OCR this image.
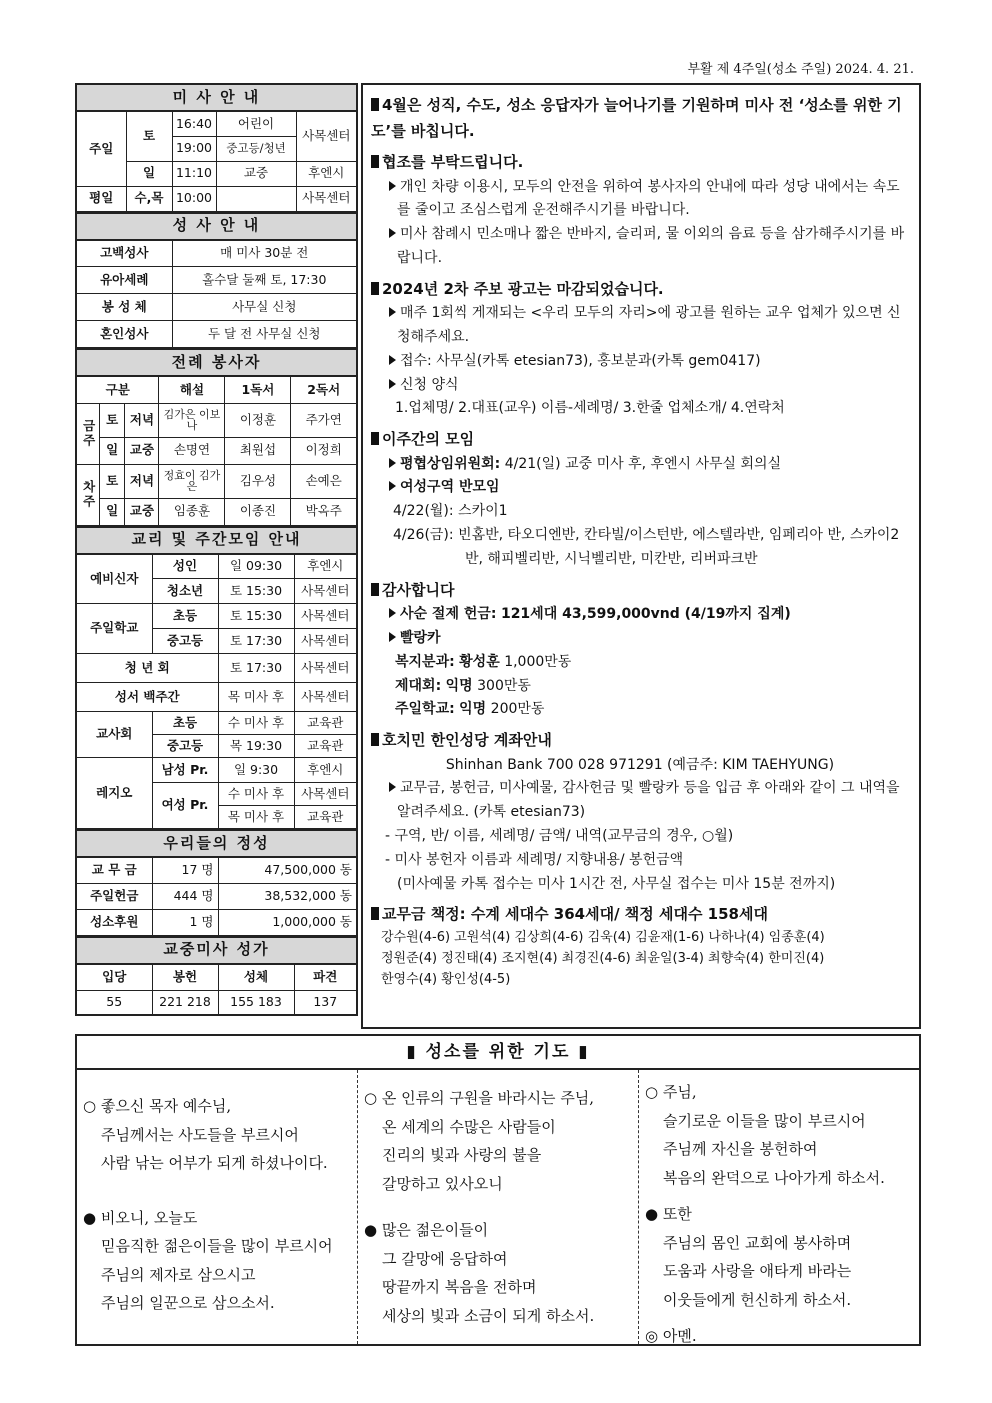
부활 제 4주일(성소 주일) 2024. 4. 21.
미 사 안 내				
주일	토	16:40	어린이	사목센터
		19:00	중고등/청년	
	일	11:10	교중	후엔시
평일	수,목	10:00		사목센터
성 사 안 내	
고백성사	매 미사 30분 전
유아세례	홀수달 둘째 토, 17:30
봉 성 체	사무실 신청
혼인성사	두 달 전 사무실 신청
전례 봉사자					
구분			해설	1독서	2독서
금주	토	저녁	김가은 이보나	이정훈	주가연
	일	교중	손명연	최원섭	이정희
차주	토	저녁	정효이 김가은	김우성	손예은
	일	교중	임종훈	이종진	박옥주
교리 및 주간모임 안내			
예비신자	성인	일 09:30	후엔시
	청소년	토 15:30	사목센터
주일학교	초등	토 15:30	사목센터
	중고등	토 17:30	사목센터
청 년 회		토 17:30	사목센터
성서 백주간		목 미사 후	사목센터
교사회	초등	수 미사 후	교육관
	중고등	목 19:30	교육관
레지오	남성 Pr.	일 9:30	후엔시
	여성 Pr.	수 미사 후	사목센터
		목 미사 후	교육관
우리들의 정성		
교 무 금	17 명	47,500,000 동
주일헌금	444 명	38,532,000 동
성소후원	1 명	1,000,000 동
교중미사 성가			
입당	봉헌	성체	파견
55	221 218	155 183	137
4월은 성직, 수도, 성소 응답자가 늘어나기를 기원하며 미사 전 ‘성소를 위한 기도’를 바칩니다.
협조를 부탁드립니다.
개인 차량 이용시, 모두의 안전을 위하여 봉사자의 안내에 따라 성당 내에서는 속도를 줄이고 조심스럽게 운전해주시기를 바랍니다.
미사 참례시 민소매나 짧은 반바지, 슬리퍼, 물 이외의 음료 등을 삼가해주시기를 바랍니다.
2024년 2차 주보 광고는 마감되었습니다.
매주 1회씩 게재되는 <우리 모두의 자리>에 광고를 원하는 교우 업체가 있으면 신청해주세요.
접수: 사무실(카톡 etesian73), 홍보분과(카톡 gem0417)
신청 양식
1.업체명/ 2.대표(교우) 이름-세례명/ 3.한줄 업체소개/ 4.연락처
이주간의 모임
평협상임위원회: 4/21(일) 교중 미사 후, 후엔시 사무실 회의실
여성구역 반모임
4/22(월): 스카이1
4/26(금): 빈홈반, 타오디엔반, 칸타빌/이스턴반, 에스텔라반, 임페리아 반, 스카이2반, 해피벨리반, 시닉벨리반, 미칸반, 리버파크반
감사합니다
사순 절제 헌금: 121세대 43,599,000vnd (4/19까지 집계)
빨랑카
복지분과: 황성훈 1,000만동
제대회: 익명 300만동
주일학교: 익명 200만동
호치민 한인성당 계좌안내
Shinhan Bank 700 028 971291 (예금주: KIM TAEHYUNG)
교무금, 봉헌금, 미사예물, 감사헌금 및 빨랑카 등을 입금 후 아래와 같이 그 내역을 알려주세요. (카톡 etesian73)
- 구역, 반/ 이름, 세례명/ 금액/ 내역(교무금의 경우, ○월)
- 미사 봉헌자 이름과 세례명/ 지향내용/ 봉헌금액
(미사예물 카톡 접수는 미사 1시간 전, 사무실 접수는 미사 15분 전까지)
교무금 책정: 수계 세대수 364세대/ 책정 세대수 158세대
강수원(4-6) 고원석(4) 김상희(4-6) 김욱(4) 김윤재(1-6) 나하나(4) 임종훈(4)
정원준(4) 정진태(4) 조지현(4) 최경진(4-6) 최윤일(3-4) 최향숙(4) 한미진(4)
한영수(4) 황인성(4-5)
▮ 성소를 위한 기도 ▮
○ 좋으신 목자 예수님,
주님께서는 사도들을 부르시어
사람 낚는 어부가 되게 하셨나이다.
● 비오니, 오늘도
믿음직한 젊은이들을 많이 부르시어
주님의 제자로 삼으시고
주님의 일꾼으로 삼으소서.
○ 온 인류의 구원을 바라시는 주님,
온 세계의 수많은 사람들이
진리의 빛과 사랑의 불을
갈망하고 있사오니
● 많은 젊은이들이
그 갈망에 응답하여
땅끝까지 복음을 전하며
세상의 빛과 소금이 되게 하소서.
○ 주님,
슬기로운 이들을 많이 부르시어
주님께 자신을 봉헌하여
복음의 완덕으로 나아가게 하소서.
● 또한
주님의 몸인 교회에 봉사하며
도움과 사랑을 애타게 바라는
이웃들에게 헌신하게 하소서.
◎ 아멘.
